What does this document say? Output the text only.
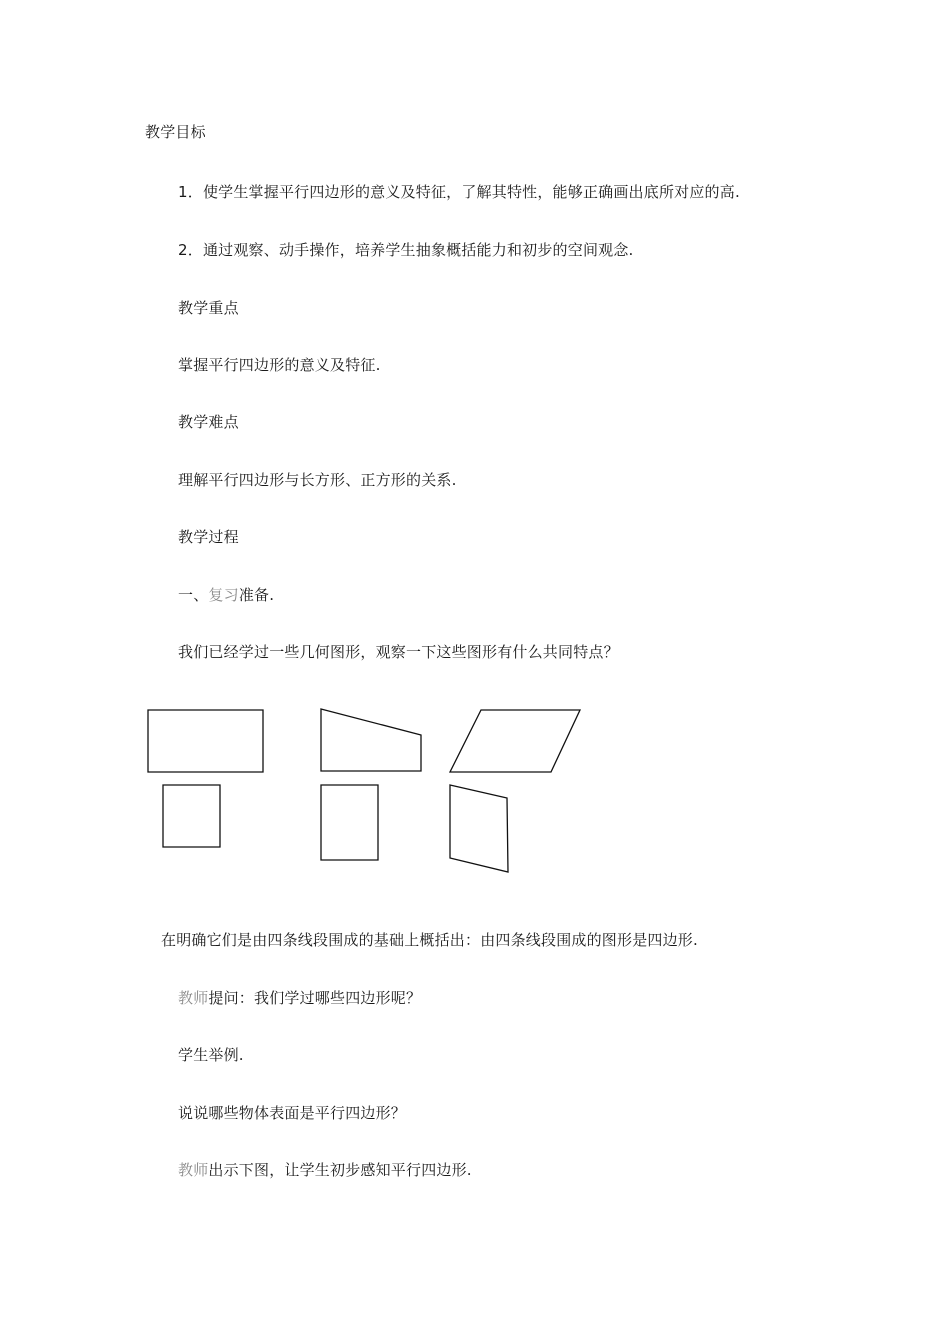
教学目标
1．使学生掌握平行四边形的意义及特征，了解其特性，能够正确画出底所对应的高.
2．通过观察、动手操作，培养学生抽象概括能力和初步的空间观念.
教学重点
掌握平行四边形的意义及特征.
教学难点
理解平行四边形与长方形、正方形的关系.
教学过程
一、复习准备.
我们已经学过一些几何图形，观察一下这些图形有什么共同特点？
在明确它们是由四条线段围成的基础上概括出：由四条线段围成的图形是四边形.
教师提问：我们学过哪些四边形呢？
学生举例.
说说哪些物体表面是平行四边形？
教师出示下图，让学生初步感知平行四边形.
